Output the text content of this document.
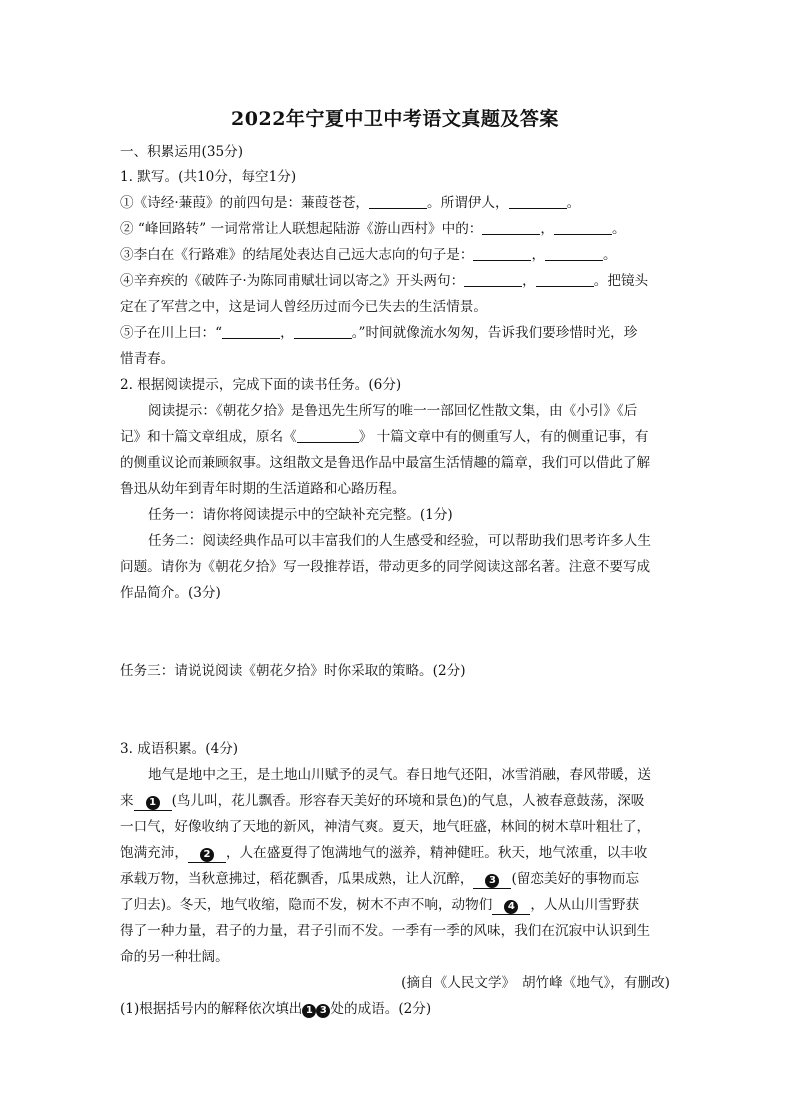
2022年宁夏中卫中考语文真题及答案
一、积累运用(35分)
1. 默写。(共10分，每空1分)
①《诗经·蒹葭》的前四句是：蒹葭苍苍，	。所谓伊人，	。
② “峰回路转” 一词常常让人联想起陆游《游山西村》中的：	，	。
③李白在《行路难》的结尾处表达自己远大志向的句子是：	，	。
④辛弃疾的《破阵子·为陈同甫赋壮词以寄之》开头两句：	，	。把镜头
定在了军营之中，这是词人曾经历过而今已失去的生活情景。
⑤子在川上曰：“	，	。”时间就像流水匆匆，告诉我们要珍惜时光，珍
惜青春。
2. 根据阅读提示，完成下面的读书任务。(6分)
阅读提示：《朝花夕拾》是鲁迅先生所写的唯一一部回忆性散文集，由《小引》《后
记》和十篇文章组成，原名《	》 十篇文章中有的侧重写人，有的侧重记事，有
的侧重议论而兼顾叙事。这组散文是鲁迅作品中最富生活情趣的篇章，我们可以借此了解
鲁迅从幼年到青年时期的生活道路和心路历程。
任务一：请你将阅读提示中的空缺补充完整。(1分)
任务二：阅读经典作品可以丰富我们的人生感受和经验，可以帮助我们思考许多人生
问题。请你为《朝花夕拾》写一段推荐语，带动更多的同学阅读这部名著。注意不要写成
作品简介。(3分)
任务三：请说说阅读《朝花夕拾》时你采取的策略。(2分)
3. 成语积累。(4分)
地气是地中之王，是土地山川赋予的灵气。春日地气还阳，冰雪消融，春风带暖，送
来 1 (鸟儿叫，花儿飘香。形容春天美好的环境和景色)的气息，人被春意鼓荡，深吸
一口气，好像收纳了天地的新风，神清气爽。夏天，地气旺盛，林间的树木草叶粗壮了，
饱满充沛， 2 ，人在盛夏得了饱满地气的滋养，精神健旺。秋天，地气浓重，以丰收
承载万物，当秋意拂过，稻花飘香，瓜果成熟，让人沉醉， 3 (留恋美好的事物而忘
了归去)。冬天，地气收缩，隐而不发，树木不声不响，动物们 4 ，人从山川雪野获
得了一种力量，君子的力量，君子引而不发。一季有一季的风味，我们在沉寂中认识到生
命的另一种壮阔。
(摘自《人民文学》　胡竹峰《地气》，有删改)
(1)根据括号内的解释依次填出 1 3 处的成语。(2分)
